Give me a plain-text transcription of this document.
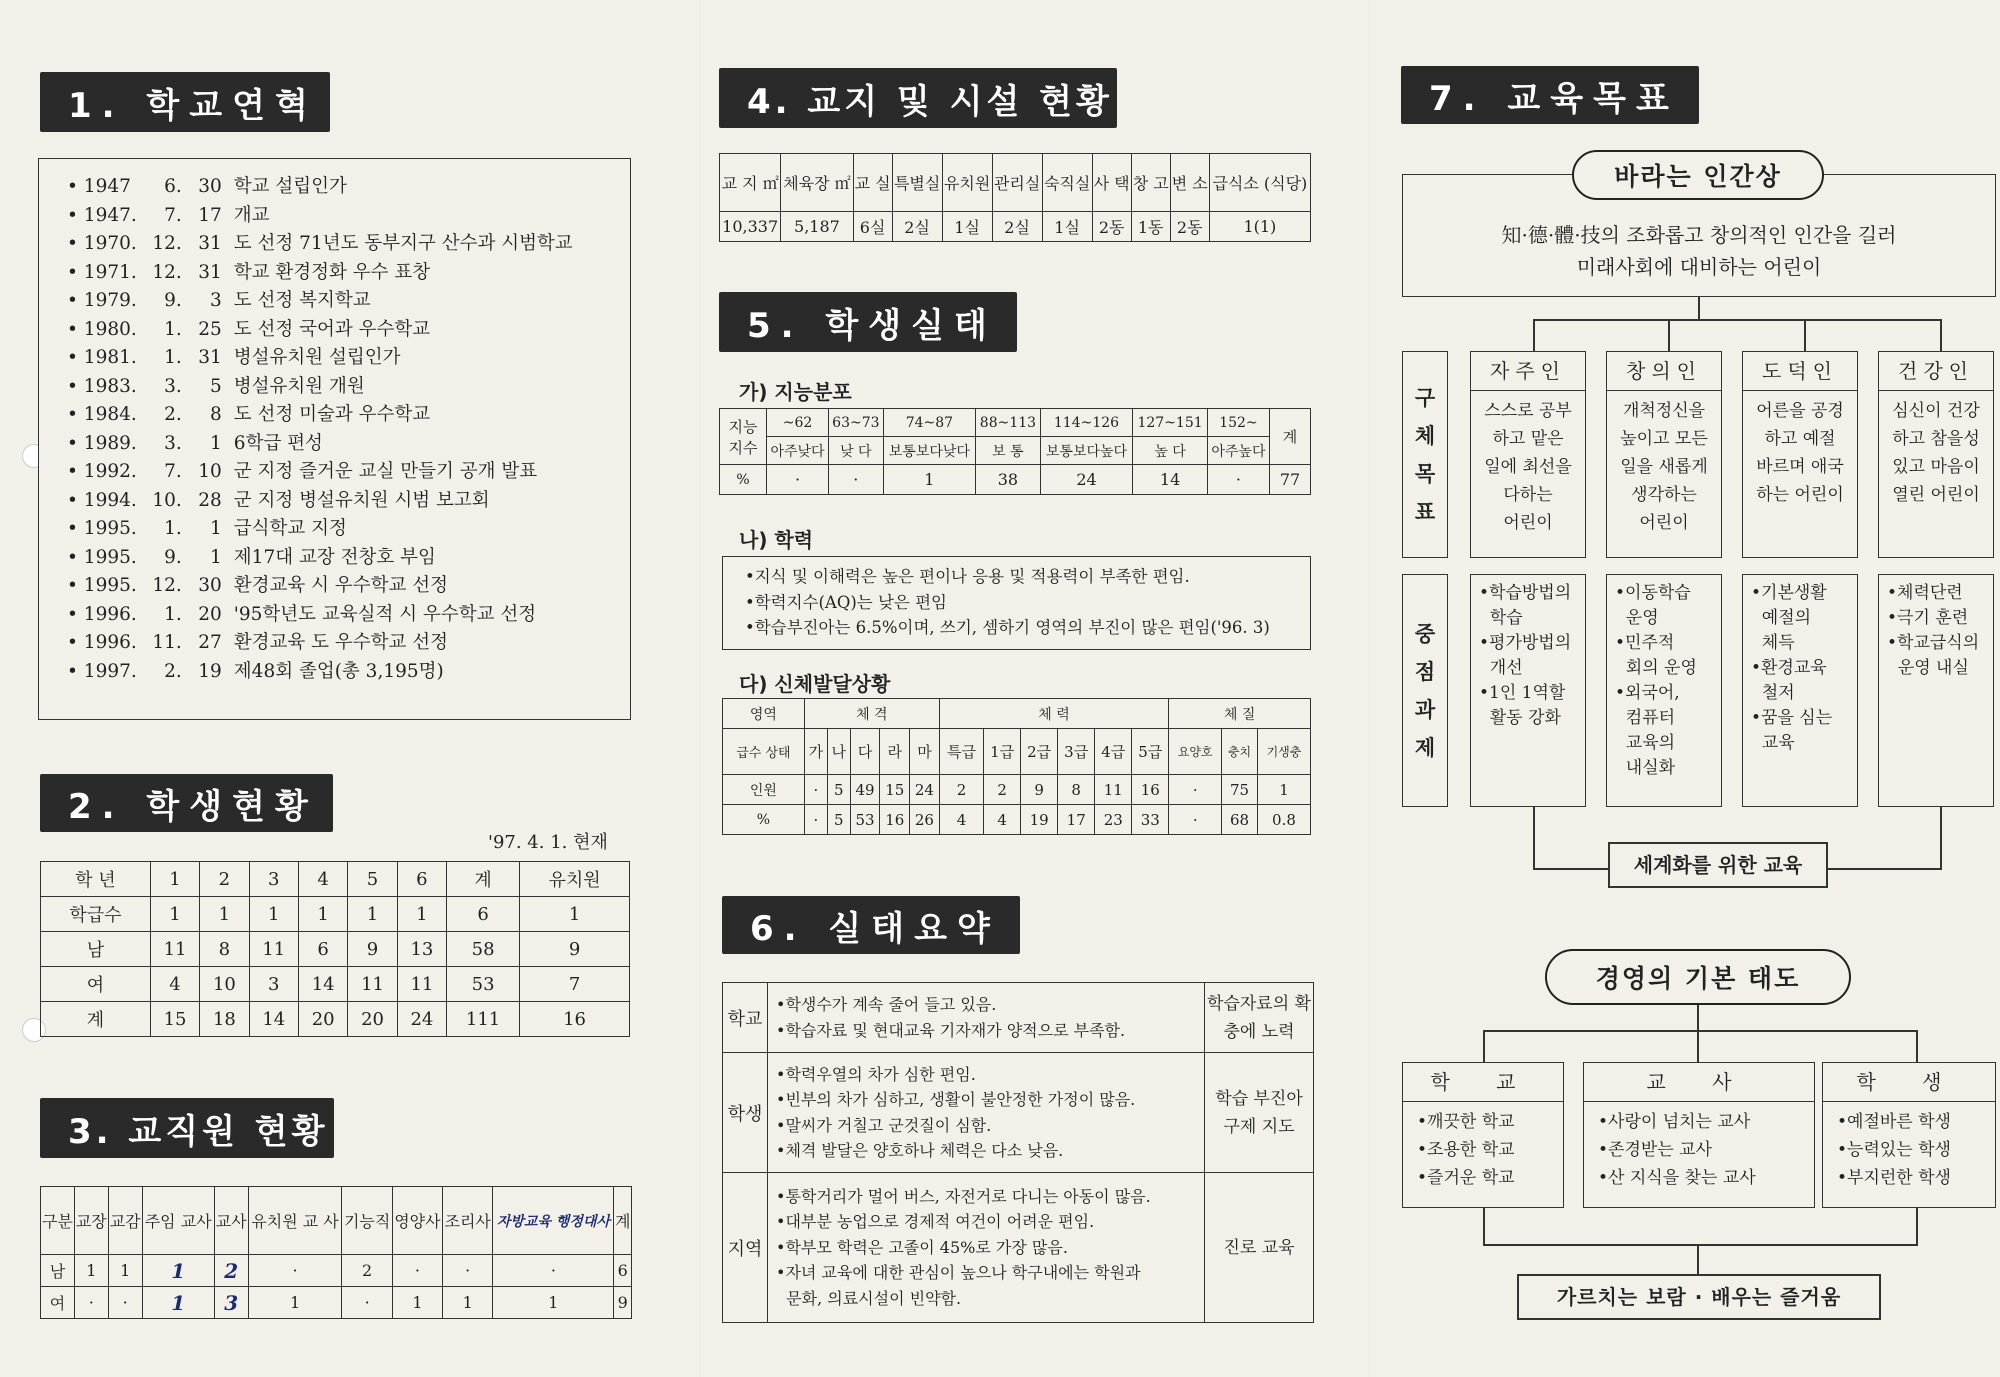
1. 학교연혁
• 1947 6. 30 학교 설립인가
• 1947. 7. 17 개교
• 1970. 12. 31 도 선정 71년도 동부지구 산수과 시범학교
• 1971. 12. 31 학교 환경정화 우수 표창
• 1979. 9. 3 도 선정 복지학교
• 1980. 1. 25 도 선정 국어과 우수학교
• 1981. 1. 31 병설유치원 설립인가
• 1983. 3. 5 병설유치원 개원
• 1984. 2. 8 도 선정 미술과 우수학교
• 1989. 3. 1 6학급 편성
• 1992. 7. 10 군 지정 즐거운 교실 만들기 공개 발표
• 1994. 10. 28 군 지정 병설유치원 시범 보고회
• 1995. 1. 1 급식학교 지정
• 1995. 9. 1 제17대 교장 전창호 부임
• 1995. 12. 30 환경교육 시 우수학교 선정
• 1996. 1. 20 '95학년도 교육실적 시 우수학교 선정
• 1996. 11. 27 환경교육 도 우수학교 선정
• 1997. 2. 19 제48회 졸업(총 3,195명)
2. 학생현황
'97. 4. 1. 현재
학 년	1	2	3	4	5	6	계	유치원
학급수	1	1	1	1	1	1	6	1
남	11	8	11	6	9	13	58	9
여	4	10	3	14	11	11	53	7
계	15	18	14	20	20	24	111	16
3. 교직원 현황
구분	교장	교감	주임 교사	교사	유치원 교 사	기능직	영양사	조리사	자방교육 행정대사	계
남	1	1	1	2	·	2	·	·	·	6
여	·	·	1	3	1	·	1	1	1	9
4. 교지 및 시설 현황
교 지 ㎡	체육장 ㎡	교 실	특별실	유치원	관리실	숙직실	사 택	창 고	변 소	급식소 (식당)
10,337	5,187	6실	2실	1실	2실	1실	2동	1동	2동	1(1)
5. 학생실태
가) 지능분포
지능 지수	~62	63~73	74~87	88~113	114~126	127~151	152~	계
	아주낮다	낮 다	보통보다낮다	보 통	보통보다높다	높 다	아주높다	
%	·	·	1	38	24	14	·	77
나) 학력
•지식 및 이해력은 높은 편이나 응용 및 적용력이 부족한 편임.
•학력지수(AQ)는 낮은 편임
•학습부진아는 6.5%이며, 쓰기, 셈하기 영역의 부진이 많은 편임('96. 3)
다) 신체발달상황
영역	체 격					체 력						체 질		
급수 상태	가	나	다	라	마	특급	1급	2급	3급	4급	5급	요양호	충치	기생충
인원	·	5	49	15	24	2	2	9	8	11	16	·	75	1
%	·	5	53	16	26	4	4	19	17	23	33	·	68	0.8
6. 실태요약
학교	•학생수가 계속 줄어 들고 있음.
•학습자료 및 현대교육 기자재가 양적으로 부족함.	학습자료의 확충에 노력
학생	•학력우열의 차가 심한 편임.
•빈부의 차가 심하고, 생활이 불안정한 가정이 많음.
•말씨가 거칠고 군것질이 심함.
•체격 발달은 양호하나 체력은 다소 낮음.	학습 부진아 구제 지도
지역	•통학거리가 멀어 버스, 자전거로 다니는 아동이 많음.
•대부분 농업으로 경제적 여건이 어려운 편임.
•학부모 학력은 고졸이 45%로 가장 많음.
•자녀 교육에 대한 관심이 높으나 학구내에는 학원과
문화, 의료시설이 빈약함.	진로 교육
7. 교육목표
바라는 인간상
知·德·體·技의 조화롭고 창의적인 인간을 길러
미래사회에 대비하는 어린이
구
체
목
표
중
점
과
제
자주인
스스로 공부
하고 맡은
일에 최선을
다하는
어린이
•학습방법의
학습
•평가방법의
개선
•1인 1역할
활동 강화
창의인
개척정신을
높이고 모든
일을 새롭게
생각하는
어린이
•이동학습
운영
•민주적
회의 운영
•외국어,
컴퓨터
교육의
내실화
도덕인
어른을 공경
하고 예절
바르며 애국
하는 어린이
•기본생활
예절의
체득
•환경교육
철저
•꿈을 심는
교육
건강인
심신이 건강
하고 참을성
있고 마음이
열린 어린이
•체력단련
•극기 훈련
•학교급식의
운영 내실
세계화를 위한 교육
경영의 기본 태도
학 교
•깨끗한 학교
•조용한 학교
•즐거운 학교
교 사
•사랑이 넘치는 교사
•존경받는 교사
•산 지식을 찾는 교사
학 생
•예절바른 학생
•능력있는 학생
•부지런한 학생
가르치는 보람 · 배우는 즐거움
